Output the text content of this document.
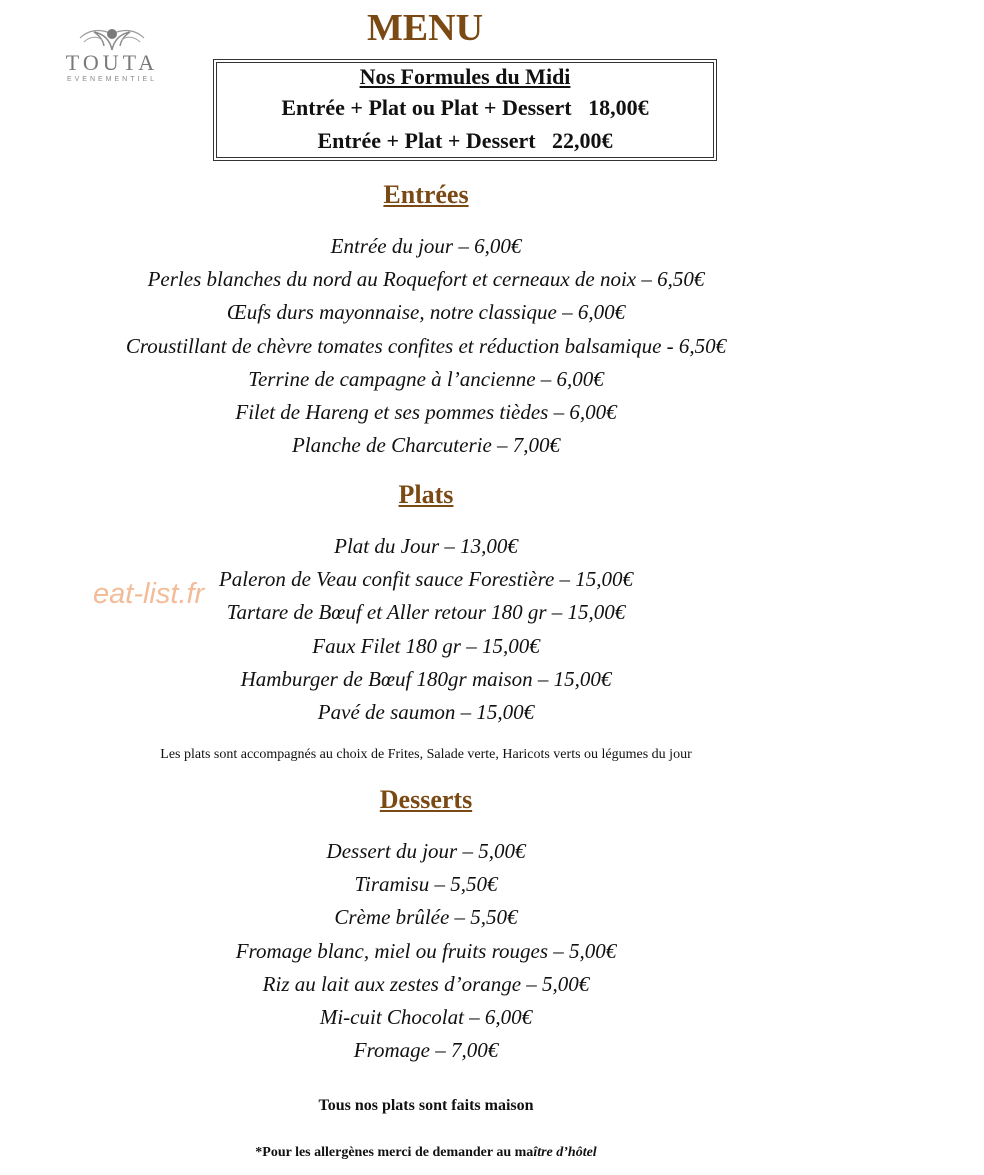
TOUTA
EVENEMENTIEL
MENU
Nos Formules du Midi
Entrée + Plat ou Plat + Dessert   18,00€
Entrée + Plat + Dessert   22,00€
Entrées
Entrée du jour – 6,00€
Perles blanches du nord au Roquefort et cerneaux de noix – 6,50€
Œufs durs mayonnaise, notre classique – 6,00€
Croustillant de chèvre tomates confites et réduction balsamique - 6,50€
Terrine de campagne à l’ancienne – 6,00€
Filet de Hareng et ses pommes tièdes – 6,00€
Planche de Charcuterie – 7,00€
Plats
Plat du Jour – 13,00€
Paleron de Veau confit sauce Forestière – 15,00€
Tartare de Bœuf et Aller retour 180 gr – 15,00€
Faux Filet 180 gr – 15,00€
Hamburger de Bœuf 180gr maison – 15,00€
Pavé de saumon – 15,00€
Les plats sont accompagnés au choix de Frites, Salade verte, Haricots verts ou légumes du jour
Desserts
Dessert du jour – 5,00€
Tiramisu – 5,50€
Crème brûlée – 5,50€
Fromage blanc, miel ou fruits rouges – 5,00€
Riz au lait aux zestes d’orange – 5,00€
Mi-cuit Chocolat – 6,00€
Fromage – 7,00€
Tous nos plats sont faits maison
*Pour les allergènes merci de demander au maître d’hôtel
eat-list.fr
